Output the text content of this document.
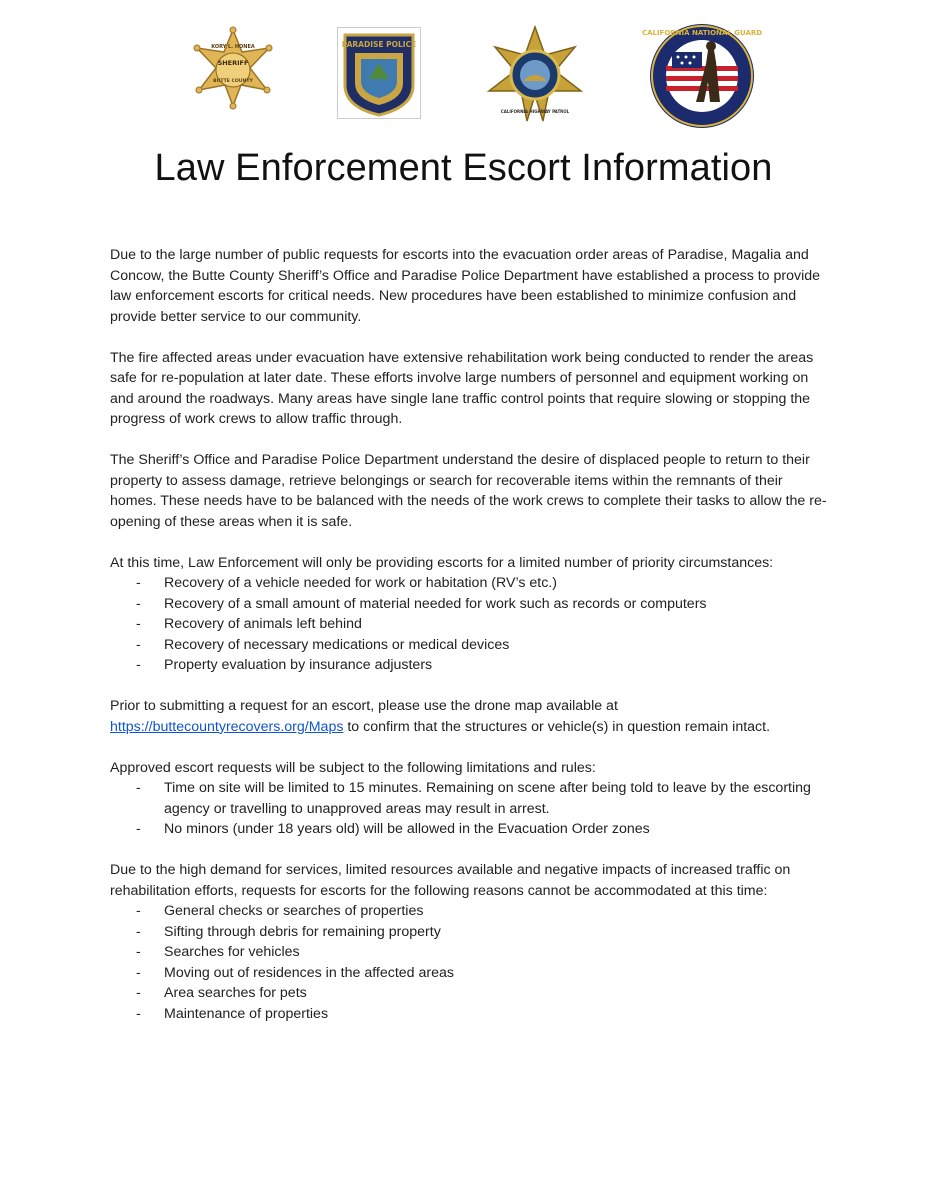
KORY L. HONEA
SHERIFF
BUTTE COUNTY
PARADISE POLICE
CALIFORNIA HIGHWAY PATROL
CALIFORNIA NATIONAL GUARD
Law Enforcement Escort Information

Due to the large number of public requests for escorts into the evacuation order areas of Paradise, Magalia and Concow, the Butte County Sheriff’s Office and Paradise Police Department have established a process to provide law enforcement escorts for critical needs. New procedures have been established to minimize confusion and provide better service to our community.

The fire affected areas under evacuation have extensive rehabilitation work being conducted to render the areas safe for re-population at later date. These efforts involve large numbers of personnel and equipment working on and around the roadways. Many areas have single lane traffic control points that require slowing or stopping the progress of work crews to allow traffic through.

The Sheriff’s Office and Paradise Police Department understand the desire of displaced people to return to their property to assess damage, retrieve belongings or search for recoverable items within the remnants of their homes. These needs have to be balanced with the needs of the work crews to complete their tasks to allow the re-opening of these areas when it is safe.

At this time, Law Enforcement will only be providing escorts for a limited number of priority circumstances:

- Recovery of a vehicle needed for work or habitation (RV’s etc.)
- Recovery of a small amount of material needed for work such as records or computers
- Recovery of animals left behind
- Recovery of necessary medications or medical devices
- Property evaluation by insurance adjusters

Prior to submitting a request for an escort, please use the drone map available at
https://buttecountyrecovers.org/Maps to confirm that the structures or vehicle(s) in question remain intact.

Approved escort requests will be subject to the following limitations and rules:

- Time on site will be limited to 15 minutes. Remaining on scene after being told to leave by the escorting agency or travelling to unapproved areas may result in arrest.
- No minors (under 18 years old) will be allowed in the Evacuation Order zones

Due to the high demand for services, limited resources available and negative impacts of increased traffic on rehabilitation efforts, requests for escorts for the following reasons cannot be accommodated at this time:

- General checks or searches of properties
- Sifting through debris for remaining property
- Searches for vehicles
- Moving out of residences in the affected areas
- Area searches for pets
- Maintenance of properties
